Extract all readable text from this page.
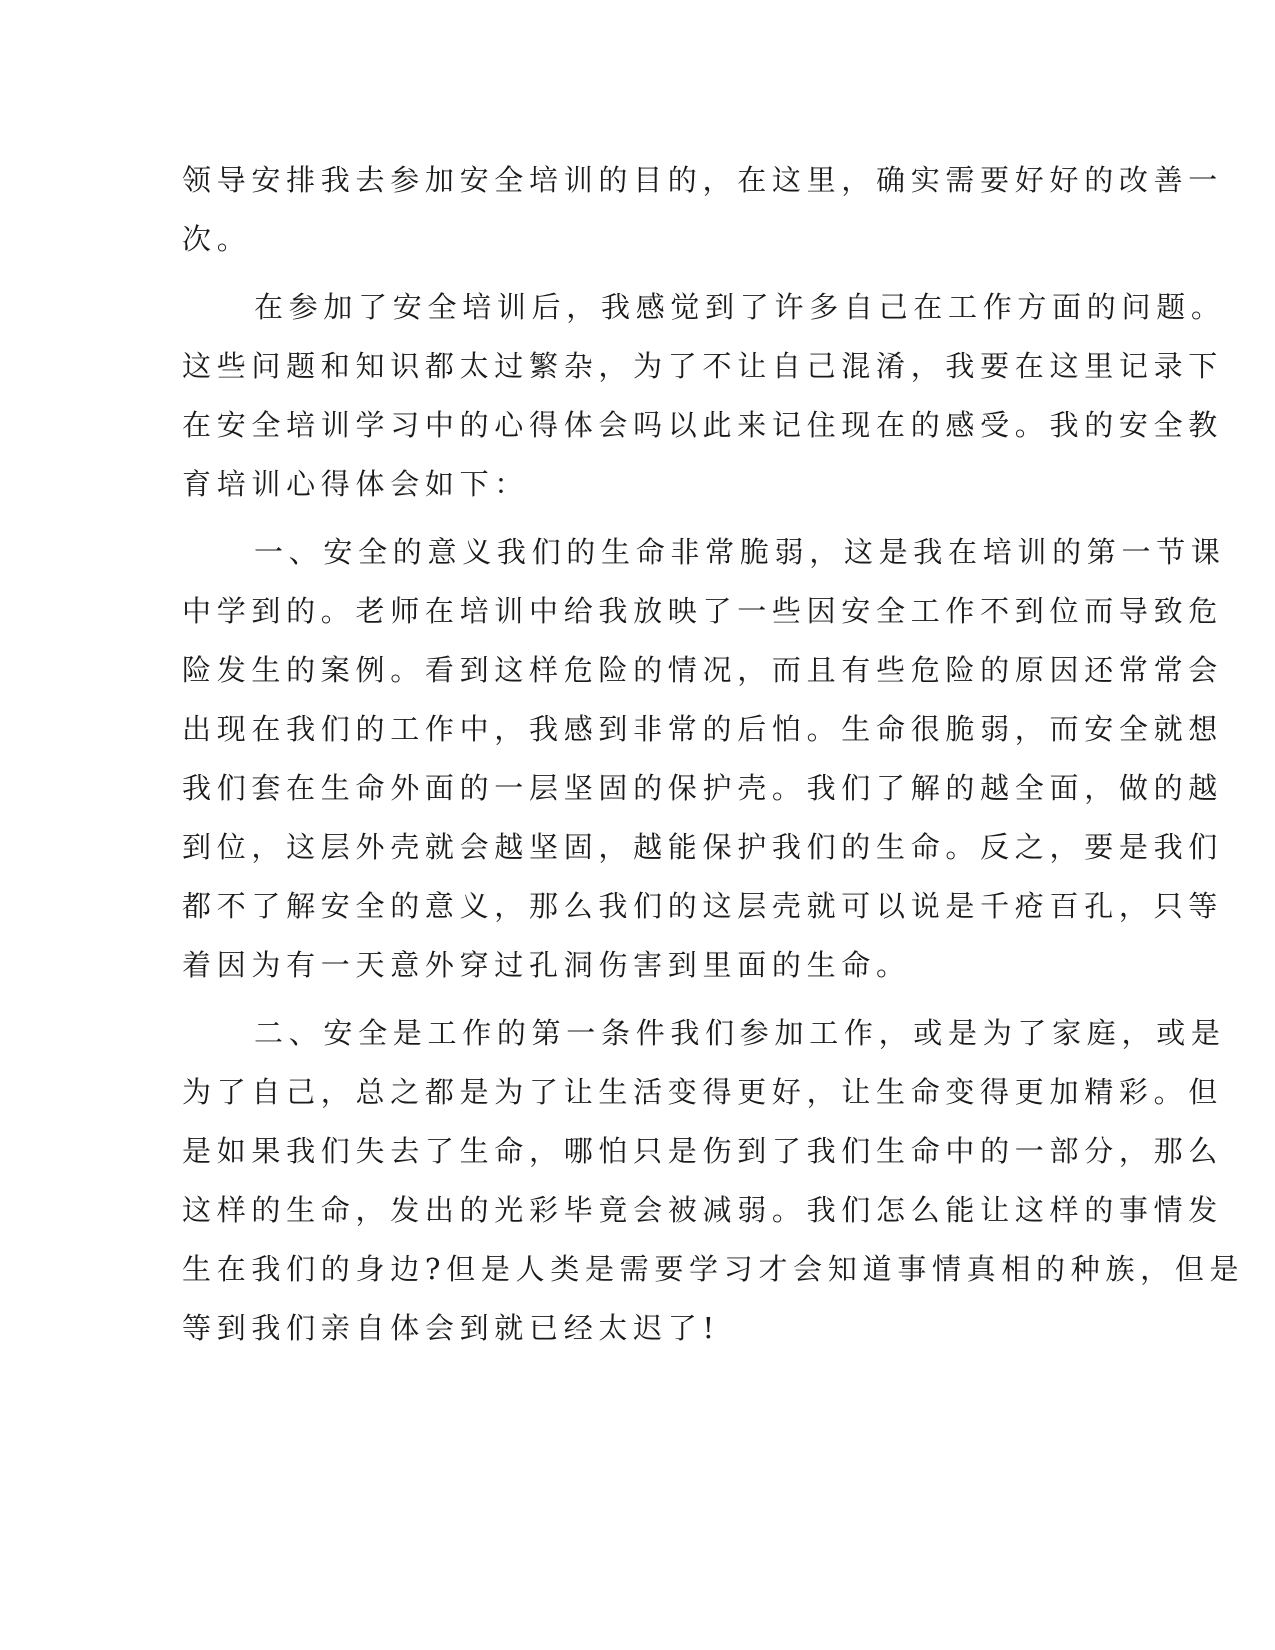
领导安排我去参加安全培训的目的，在这里，确实需要好好的改善一
次。
在参加了安全培训后，我感觉到了许多自己在工作方面的问题。
这些问题和知识都太过繁杂，为了不让自己混淆，我要在这里记录下
在安全培训学习中的心得体会吗以此来记住现在的感受。我的安全教
育培训心得体会如下：
一、安全的意义我们的生命非常脆弱，这是我在培训的第一节课
中学到的。老师在培训中给我放映了一些因安全工作不到位而导致危
险发生的案例。看到这样危险的情况，而且有些危险的原因还常常会
出现在我们的工作中，我感到非常的后怕。生命很脆弱，而安全就想
我们套在生命外面的一层坚固的保护壳。我们了解的越全面，做的越
到位，这层外壳就会越坚固，越能保护我们的生命。反之，要是我们
都不了解安全的意义，那么我们的这层壳就可以说是千疮百孔，只等
着因为有一天意外穿过孔洞伤害到里面的生命。
二、安全是工作的第一条件我们参加工作，或是为了家庭，或是
为了自己，总之都是为了让生活变得更好，让生命变得更加精彩。但
是如果我们失去了生命，哪怕只是伤到了我们生命中的一部分，那么
这样的生命，发出的光彩毕竟会被减弱。我们怎么能让这样的事情发
生在我们的身边?但是人类是需要学习才会知道事情真相的种族，但是
等到我们亲自体会到就已经太迟了!
